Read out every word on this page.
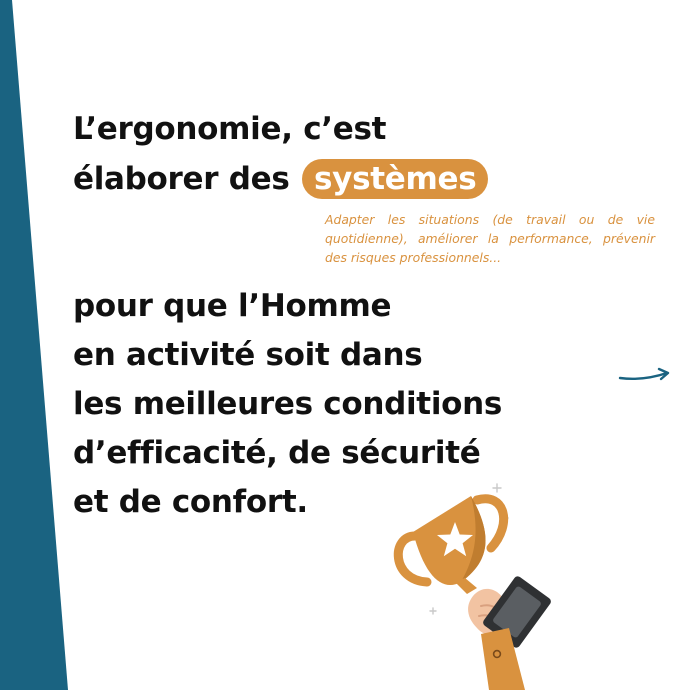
L’ergonomie, c’est
élaborer des systèmes

Adapter les situations (de travail ou de vie quotidienne), améliorer la performance, prévenir des risques professionnels...

pour que l’Homme
en activité soit dans
les meilleures conditions
d’efficacité, de sécurité
et de confort.
